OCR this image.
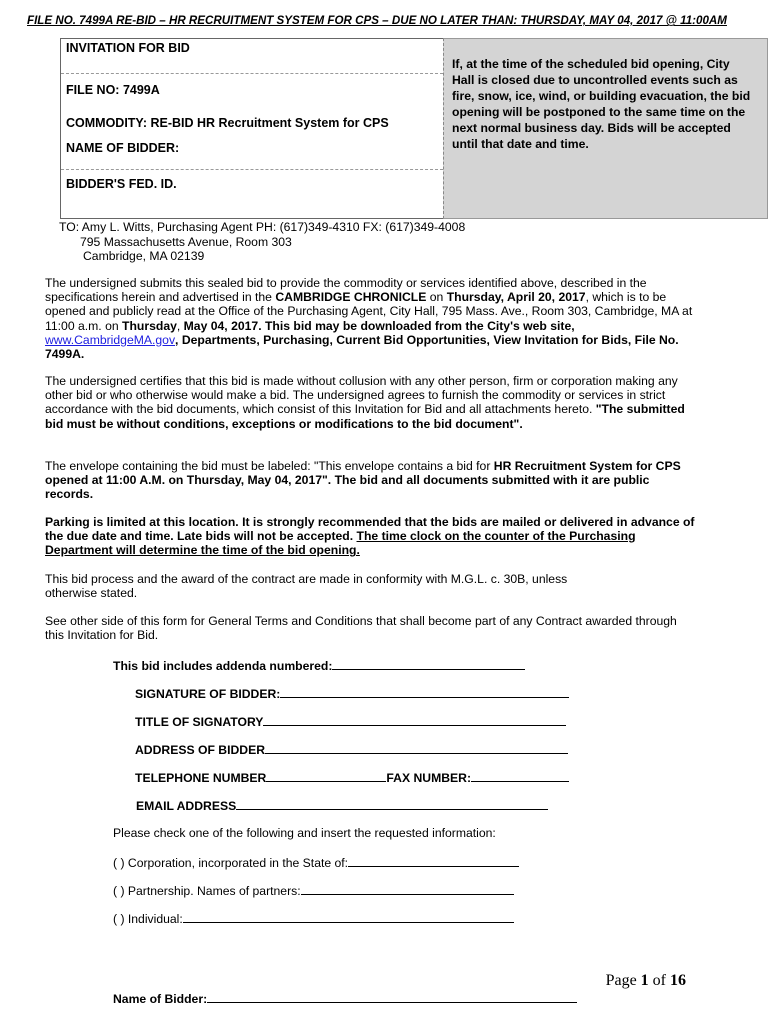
FILE NO. 7499A RE-BID – HR RECRUITMENT SYSTEM FOR CPS – DUE NO LATER THAN: THURSDAY, MAY 04, 2017 @ 11:00AM
INVITATION FOR BID
FILE NO: 7499A
COMMODITY: RE-BID HR Recruitment System for CPS
NAME OF BIDDER:
BIDDER'S FED. ID.
If, at the time of the scheduled bid opening, City Hall is closed due to uncontrolled events such as fire, snow, ice, wind, or building evacuation, the bid opening will be postponed to the same time on the next normal business day. Bids will be accepted until that date and time.
TO: Amy L. Witts, Purchasing Agent PH: (617)349-4310 FX: (617)349-4008
795 Massachusetts Avenue, Room 303
Cambridge, MA 02139
The undersigned submits this sealed bid to provide the commodity or services identified above, described in the specifications herein and advertised in the CAMBRIDGE CHRONICLE on Thursday, April 20, 2017, which is to be opened and publicly read at the Office of the Purchasing Agent, City Hall, 795 Mass. Ave., Room 303, Cambridge, MA at 11:00 a.m. on Thursday, May 04, 2017. This bid may be downloaded from the City's web site, www.CambridgeMA.gov, Departments, Purchasing, Current Bid Opportunities, View Invitation for Bids, File No. 7499A.
The undersigned certifies that this bid is made without collusion with any other person, firm or corporation making any other bid or who otherwise would make a bid. The undersigned agrees to furnish the commodity or services in strict accordance with the bid documents, which consist of this Invitation for Bid and all attachments hereto. "The submitted bid must be without conditions, exceptions or modifications to the bid document".
The envelope containing the bid must be labeled: "This envelope contains a bid for HR Recruitment System for CPS opened at 11:00 A.M. on Thursday, May 04, 2017". The bid and all documents submitted with it are public records.
Parking is limited at this location. It is strongly recommended that the bids are mailed or delivered in advance of the due date and time. Late bids will not be accepted. The time clock on the counter of the Purchasing Department will determine the time of the bid opening.
This bid process and the award of the contract are made in conformity with M.G.L. c. 30B, unless otherwise stated.
See other side of this form for General Terms and Conditions that shall become part of any Contract awarded through this Invitation for Bid.
This bid includes addenda numbered:
SIGNATURE OF BIDDER:
TITLE OF SIGNATORY
ADDRESS OF BIDDER
TELEPHONE NUMBER	FAX NUMBER:
EMAIL ADDRESS
Please check one of the following and insert the requested information:
( ) Corporation, incorporated in the State of:
( ) Partnership. Names of partners:
( ) Individual:
Page 1 of 16
Name of Bidder:
